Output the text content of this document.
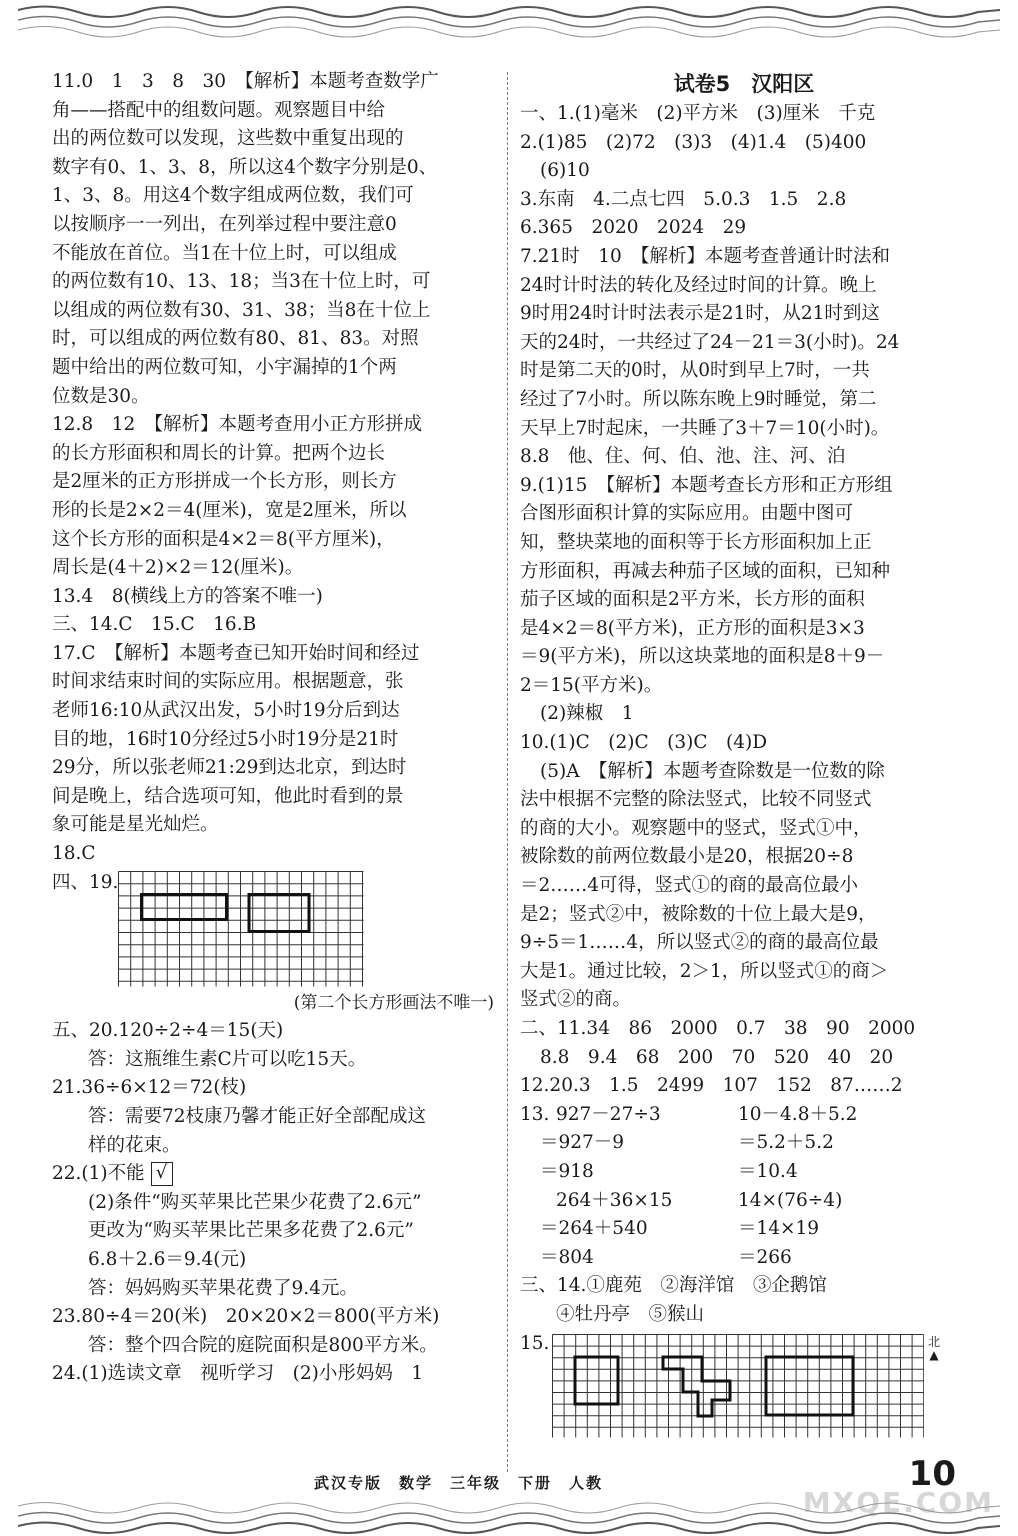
11.0　1　3　8　30　【解析】本题考查数学广
角——搭配中的组数问题。观察题目中给
出的两位数可以发现，这些数中重复出现的
数字有0、1、3、8，所以这4个数字分别是0、
1、3、8。用这4个数字组成两位数，我们可
以按顺序一一列出，在列举过程中要注意0
不能放在首位。当1在十位上时，可以组成
的两位数有10、13、18；当3在十位上时，可
以组成的两位数有30、31、38；当8在十位上
时，可以组成的两位数有80、81、83。对照
题中给出的两位数可知，小宇漏掉的1个两
位数是30。
12.8　12　【解析】本题考查用小正方形拼成
的长方形面积和周长的计算。把两个边长
是2厘米的正方形拼成一个长方形，则长方
形的长是2×2＝4(厘米)，宽是2厘米，所以
这个长方形的面积是4×2＝8(平方厘米)，
周长是(4＋2)×2＝12(厘米)。
13.4　8(横线上方的答案不唯一)
三、14.C　15.C　16.B
17.C　【解析】本题考查已知开始时间和经过
时间求结束时间的实际应用。根据题意，张
老师16:10从武汉出发，5小时19分后到达
目的地，16时10分经过5小时19分是21时
29分，所以张老师21:29到达北京，到达时
间是晚上，结合选项可知，他此时看到的景
象可能是星光灿烂。
18.C
四、19.
(第二个长方形画法不唯一)
五、20.120÷2÷4＝15(天)
答：这瓶维生素C片可以吃15天。
21.36÷6×12＝72(枝)
答：需要72枝康乃馨才能正好全部配成这
样的花束。
22.(1)不能 √
(2)条件“购买苹果比芒果少花费了2.6元”
更改为“购买苹果比芒果多花费了2.6元”
6.8＋2.6＝9.4(元)
答：妈妈购买苹果花费了9.4元。
23.80÷4＝20(米)　20×20×2＝800(平方米)
答：整个四合院的庭院面积是800平方米。
24.(1)选读文章　视听学习　(2)小彤妈妈　1
试卷5　汉阳区
一、1.(1)毫米　(2)平方米　(3)厘米　千克
2.(1)85　(2)72　(3)3　(4)1.4　(5)400
(6)10
3.东南　4.二点七四　5.0.3　1.5　2.8
6.365　2020　2024　29
7.21时　10　【解析】本题考查普通计时法和
24时计时法的转化及经过时间的计算。晚上
9时用24时计时法表示是21时，从21时到这
天的24时，一共经过了24－21＝3(小时)。24
时是第二天的0时，从0时到早上7时，一共
经过了7小时。所以陈东晚上9时睡觉，第二
天早上7时起床，一共睡了3＋7＝10(小时)。
8.8　他、住、何、伯、池、注、河、泊
9.(1)15　【解析】本题考查长方形和正方形组
合图形面积计算的实际应用。由题中图可
知，整块菜地的面积等于长方形面积加上正
方形面积，再减去种茄子区域的面积，已知种
茄子区域的面积是2平方米，长方形的面积
是4×2＝8(平方米)，正方形的面积是3×3
＝9(平方米)，所以这块菜地的面积是8＋9－
2＝15(平方米)。
(2)辣椒　1
10.(1)C　(2)C　(3)C　(4)D
(5)A　【解析】本题考查除数是一位数的除
法中根据不完整的除法竖式，比较不同竖式
的商的大小。观察题中的竖式，竖式①中，
被除数的前两位数最小是20，根据20÷8
＝2……4可得，竖式①的商的最高位最小
是2；竖式②中，被除数的十位上最大是9，
9÷5＝1……4，所以竖式②的商的最高位最
大是1。通过比较，2＞1，所以竖式①的商＞
竖式②的商。
二、11.34　86　2000　0.7　38　90　2000
8.8　9.4　68　200　70　520　40　20
12.20.3　1.5　2499　107　152　87……2
13. 927－27÷3	10－4.8＋5.2
＝927－9	＝5.2＋5.2
＝918	＝10.4
264＋36×15	14×(76÷4)
＝264＋540	＝14×19
＝804	＝266
三、14.①鹿苑　②海洋馆　③企鹅馆
④牡丹亭　⑤猴山
15.	北
▲
武汉专版　数学　三年级　下册　人教	10
MXQE.COM
